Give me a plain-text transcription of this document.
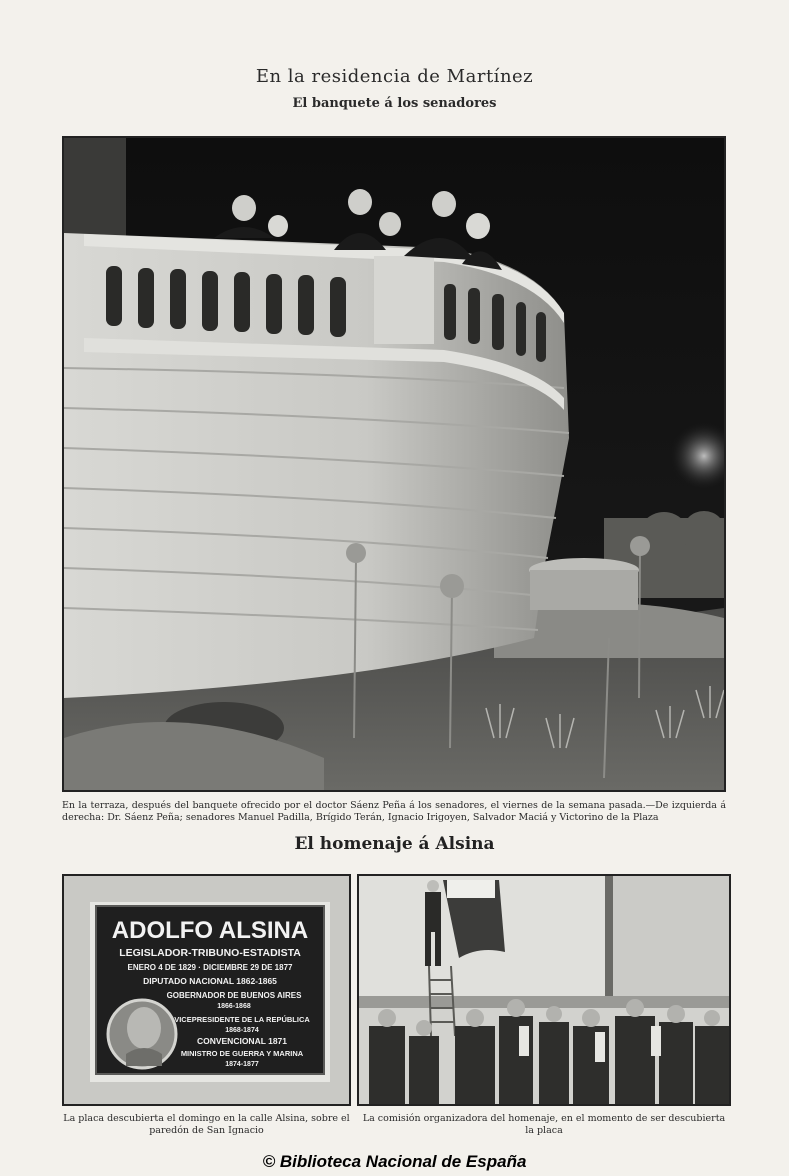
En la residencia de Martínez
El banquete á los senadores
En la terraza, después del banquete ofrecido por el doctor Sáenz Peña á los senadores, el viernes de la semana pasada.—De izquierda á derecha: Dr. Sáenz Peña; senadores Manuel Padilla, Brígido Terán, Ignacio Irigoyen, Salvador Maciá y Victorino de la Plaza
El homenaje á Alsina
ADOLFO ALSINA
LEGISLADOR-TRIBUNO-ESTADISTA
ENERO 4 DE 1829 · DICIEMBRE 29 DE 1877
DIPUTADO NACIONAL 1862-1865
GOBERNADOR DE BUENOS AIRES
1866-1868
VICEPRESIDENTE DE LA REPÚBLICA
1868-1874
CONVENCIONAL 1871
MINISTRO DE GUERRA Y MARINA
1874-1877
La placa descubierta el domingo en la calle Alsina, sobre el paredón de San Ignacio
La comisión organizadora del homenaje, en el momento de ser descubierta la placa
© Biblioteca Nacional de España
